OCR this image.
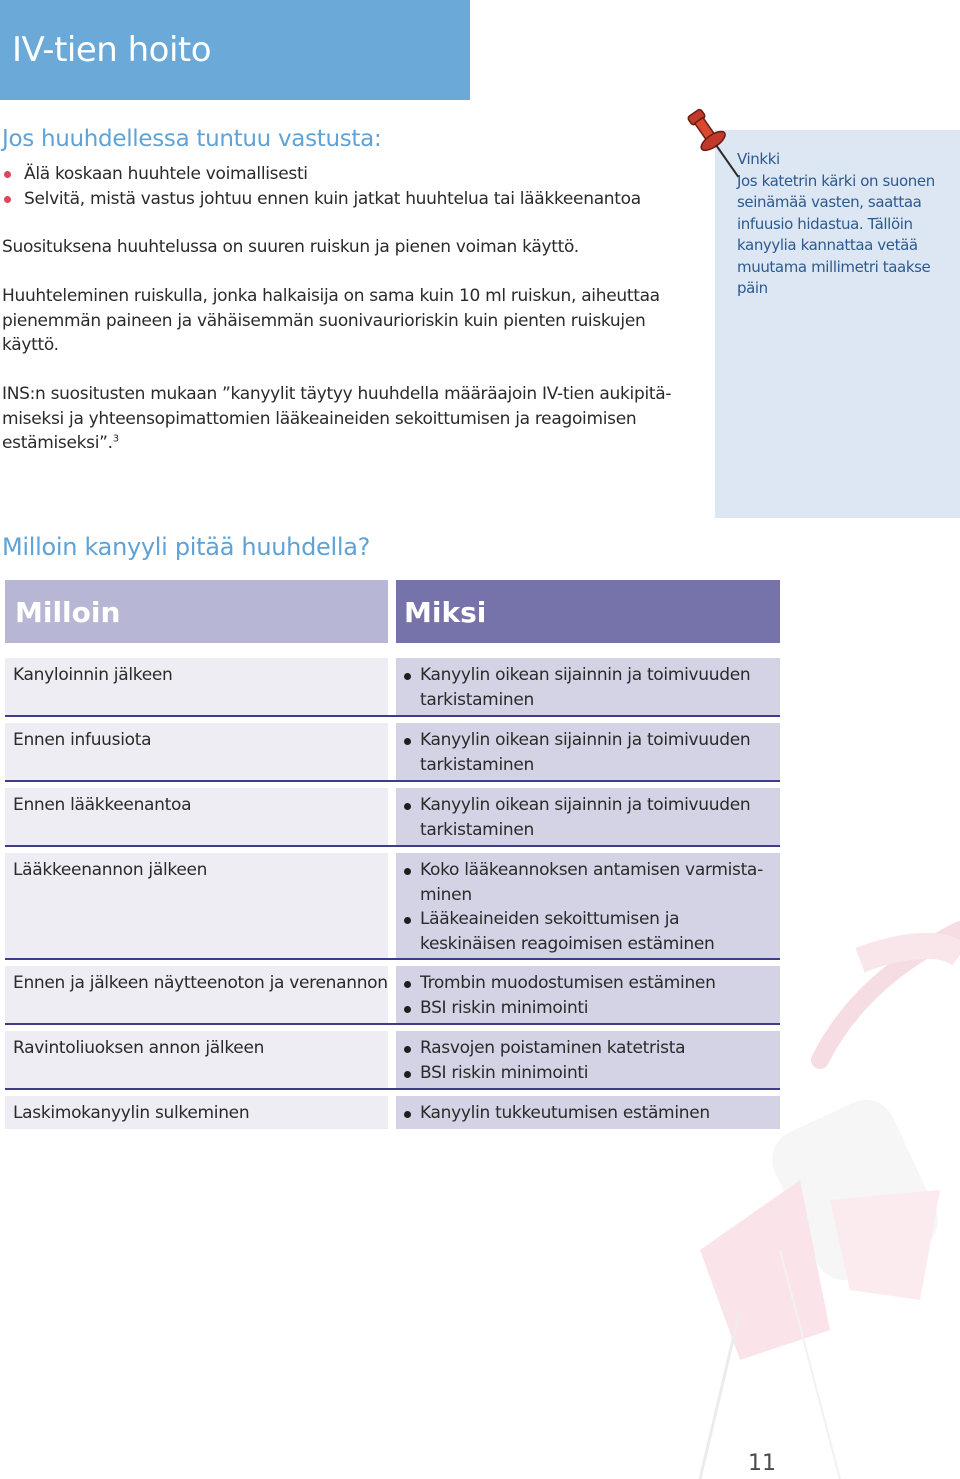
IV-tien hoito
Jos huuhdellessa tuntuu vastusta:
Älä koskaan huuhtele voimallisesti
Selvitä, mistä vastus johtuu ennen kuin jatkat huuhtelua tai lääkkeenantoa

Suosituksena huuhtelussa on suuren ruiskun ja pienen voiman käyttö.

Huuhteleminen ruiskulla, jonka halkaisija on sama kuin 10 ml ruiskun, aiheuttaa pienemmän paineen ja vähäisemmän suonivaurioriskin kuin pienten ruiskujen käyttö.

INS:n suositusten mukaan ”kanyylit täytyy huuhdella määräajoin IV-tien aukipitämiseksi ja yhteensopimattomien lääkeaineiden sekoittumisen ja reagoimisen estämiseksi”.$^3$

Vinkki
Jos katetrin kärki on suonen seinämää vasten, saattaa infuusio hidastua. Tällöin kanyylia kannattaa vetää muutama millimetri taakse päin
Milloin kanyyli pitää huuhdella?
Milloin	Miksi
Kanyloinnin jälkeen	Kanyylin oikean sijainnin ja toimivuuden tarkistaminen
Ennen infuusiota	Kanyylin oikean sijainnin ja toimivuuden tarkistaminen
Ennen lääkkeenantoa	Kanyylin oikean sijainnin ja toimivuuden tarkistaminen
Lääkkeenannon jälkeen	Koko lääkeannoksen antamisen varmistaminen
Lääkeaineiden sekoittumisen ja keskinäisen reagoimisen estäminen
Ennen ja jälkeen näytteenoton ja verenannon	Trombin muodostumisen estäminen
BSI riskin minimointi
Ravintoliuoksen annon jälkeen	Rasvojen poistaminen katetrista
BSI riskin minimointi
Laskimokanyylin sulkeminen	Kanyylin tukkeutumisen estäminen
11
